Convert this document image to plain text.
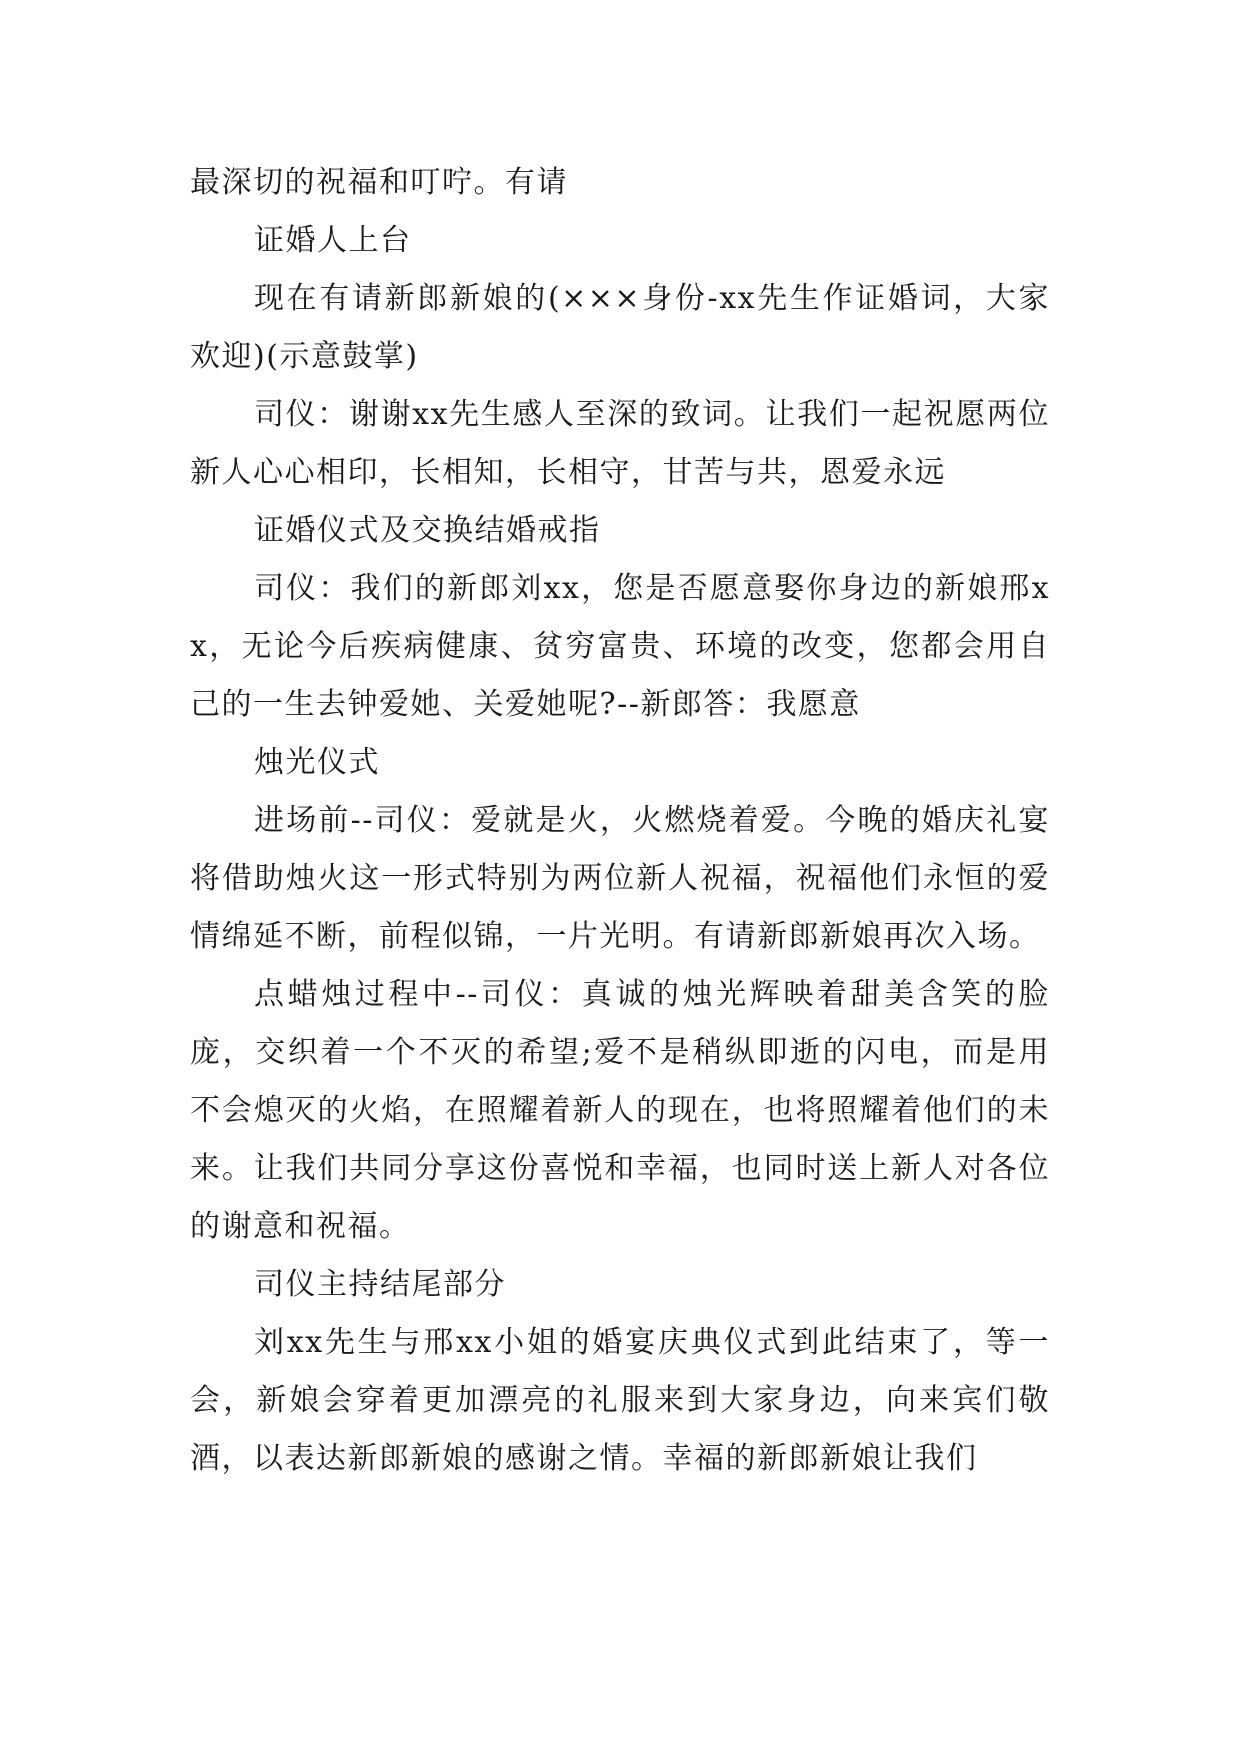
最深切的祝福和叮咛。有请

证婚人上台

现在有请新郎新娘的(×××身份-xx先生作证婚词，大家欢迎)(示意鼓掌)

司仪：谢谢xx先生感人至深的致词。让我们一起祝愿两位新人心心相印，长相知，长相守，甘苦与共，恩爱永远

证婚仪式及交换结婚戒指

司仪：我们的新郎刘xx，您是否愿意娶你身边的新娘邢xx，无论今后疾病健康、贫穷富贵、环境的改变，您都会用自己的一生去钟爱她、关爱她呢?--新郎答：我愿意

烛光仪式

进场前--司仪：爱就是火，火燃烧着爱。今晚的婚庆礼宴将借助烛火这一形式特别为两位新人祝福，祝福他们永恒的爱情绵延不断，前程似锦，一片光明。有请新郎新娘再次入场。

点蜡烛过程中--司仪：真诚的烛光辉映着甜美含笑的脸庞，交织着一个不灭的希望;爱不是稍纵即逝的闪电，而是用不会熄灭的火焰，在照耀着新人的现在，也将照耀着他们的未来。让我们共同分享这份喜悦和幸福，也同时送上新人对各位的谢意和祝福。

司仪主持结尾部分

刘xx先生与邢xx小姐的婚宴庆典仪式到此结束了，等一会，新娘会穿着更加漂亮的礼服来到大家身边，向来宾们敬酒，以表达新郎新娘的感谢之情。幸福的新郎新娘让我们
